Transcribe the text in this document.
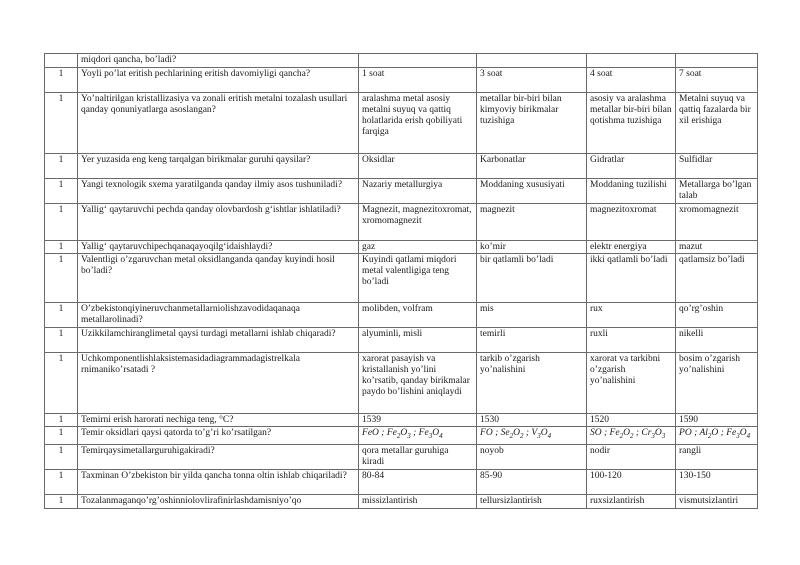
	miqdori qancha, bo’ladi?				
1	Yoyli po’lat eritish pechlarining eritish davomiyligi qancha?	1 soat	3 soat	4 soat	7 soat
1	Yo’naltirilgan kristallizasiya va zonali eritish metalni tozalash usullari qanday qonuniyatlarga asoslangan?	aralashma metal asosiy metalni suyuq va qattiq holatlarida erish qobiliyati farqiga	metallar bir-biri bilan kimyoviy birikmalar tuzishiga	asosiy va aralashma metallar bir-biri bilan qotishma tuzishiga	Metalni suyuq va qattiq fazalarda bir xil erishiga
1	Yer yuzasida eng keng tarqalgan birikmalar guruhi qaysilar?	Oksidlar	Karbonatlar	Gidratlar	Sulfidlar
1	Yangi texnologik sxema yaratilganda qanday ilmiy asos tushuniladi?	Nazariy metallurgiya	Moddaning xususiyati	Moddaning tuzilishi	Metallarga bo’lgan talab
1	Yallig‘ qaytaruvchi pechda qanday olovbardosh g‘ishtlar ishlatiladi?	Magnezit, magnezitoxromat, xromomagnezit	magnezit	magnezitoxromat	xromomagnezit
1	Yallig‘ qaytaruvchipechqanaqayoqilg‘idaishlaydi?	gaz	ko’mir	elektr energiya	mazut
1	Valentligi o’zgaruvchan metal oksidlanganda qanday kuyindi hosil bo’ladi?	Kuyindi qatlami miqdori metal valentligiga teng bo’ladi	bir qatlamli bo’ladi	ikki qatlamli bo’ladi	qatlamsiz bo’ladi
1	O’zbekistonqiyineruvchanmetallarniolishzavodidaqanaqa metallarolinadi?	molibden, volfram	mis	rux	qo’rg’oshin
1	Uzikkilamchiranglimetal qaysi turdagi metallarni ishlab chiqaradi?	alyuminli, misli	temirli	ruxli	nikelli
1	Uchkomponentlishlaksistemasidadiagrammadagistrelkala rnimaniko’rsatadi ?	xarorat pasayish va kristallanish yo’lini ko’rsatib, qanday birikmalar paydo bo’lishini aniqlaydi	tarkib o’zgarish yo’nalishini	xarorat va tarkibni o’zgarish yo’nalishini	bosim o’zgarish yo’nalishini
1	Temirni erish harorati nechiga teng, °C?	1539	1530	1520	1590
1	Temir oksidlari qaysi qatorda to’g’ri ko’rsatilgan?	FeO ; $Fe_2O_3$ ; $Fe_3O_4$	FO ; $Se_2O_2$ ; $V_3O_4$	SO ; $Fe_2O_2$ ; $Cr_3O_3$	PO ; $Al_2O$ ; $Fe_3O_4$
1	Temirqaysimetallarguruhigakiradi?	qora metallar guruhiga kiradi	noyob	nodir	rangli
1	Taxminan O’zbekiston bir yilda qancha tonna oltin ishlab chiqariladi?	80-84	85-90	100-120	130-150
1	Tozalanmaganqo’rg’oshinniolovlirafinirlashdamisniyo’qo	missizlantirish	tellursizlantirish	ruxsizlantirish	vismutsizlantiri
